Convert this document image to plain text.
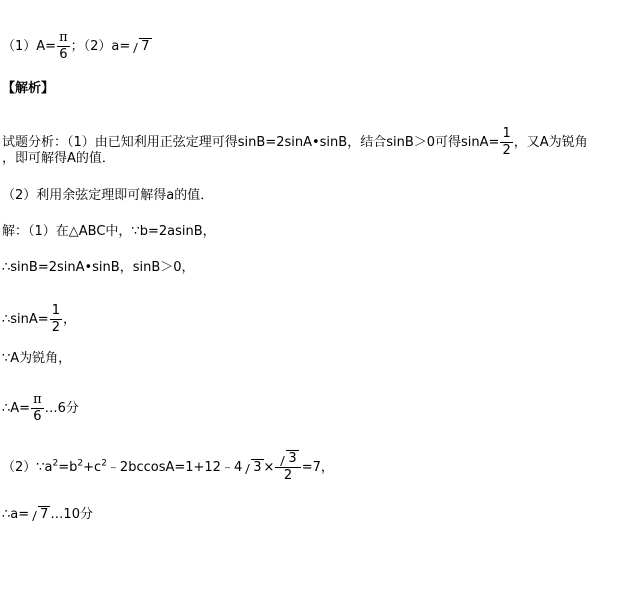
$(1)A= \frac{\pi}{6}$ ；（2）a= 7
【解析】
试题分析：（1）由已知利用正弦定理可得sinB=2sinA•sinB，结合sinB＞0可得$\sin A= \frac{1}{2}$ ，又A为锐角
，即可解得A的值．
（2）利用余弦定理即可解得a的值．
解：（1）在△ABC中，∵b=2asinB，
∴sinB=2sinA•sinB，sinB＞0，
∴sinA= $\frac{1}{2}$ ，
∵A为锐角，
∴A= $\frac{\pi}{6}$ …6分
$(2)\because a^2=b^2+c^2﹣2bccosA=1+12﹣4$ $3 \times \frac{3}{2} =7$，
∴a= 7 …10分
